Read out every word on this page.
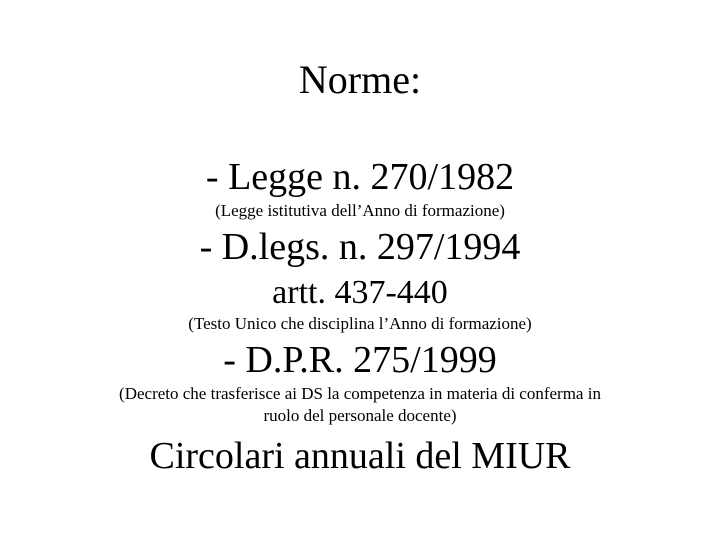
Norme:
- Legge n. 270/1982
(Legge istitutiva dell’Anno di formazione)
- D.legs. n. 297/1994
artt. 437-440
(Testo Unico che disciplina l’Anno di formazione)
- D.P.R. 275/1999
(Decreto che trasferisce ai DS la competenza in materia di conferma in
ruolo del personale docente)
Circolari annuali del MIUR
